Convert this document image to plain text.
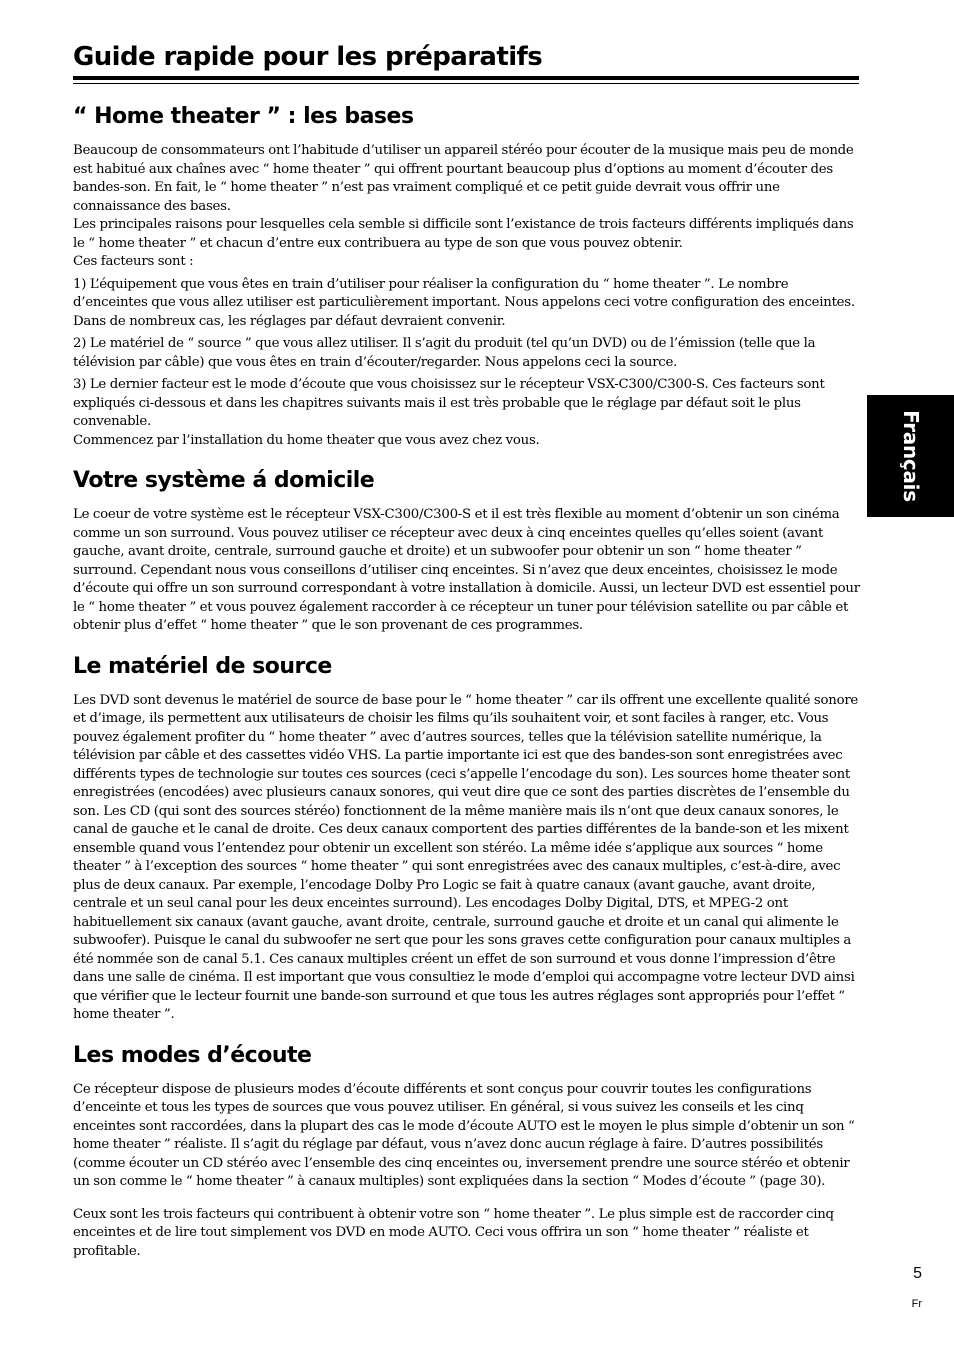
Guide rapide pour les préparatifs
“ Home theater ” : les bases

Beaucoup de consommateurs ont l’habitude d’utiliser un appareil stéréo pour écouter de la musique mais peu de monde est habitué aux chaînes avec “ home theater ” qui offrent pourtant beaucoup plus d’options au moment d’écouter des bandes-son. En fait, le “ home theater ” n’est pas vraiment compliqué et ce petit guide devrait vous offrir une connaissance des bases.

Les principales raisons pour lesquelles cela semble si difficile sont l’existance de trois facteurs différents impliqués dans le “ home theater ” et chacun d’entre eux contribuera au type de son que vous pouvez obtenir.

Ces facteurs sont :

1) L’équipement que vous êtes en train d’utiliser pour réaliser la configuration du “ home theater ”. Le nombre d’enceintes que vous allez utiliser est particulièrement important. Nous appelons ceci votre configuration des enceintes. Dans de nombreux cas, les réglages par défaut devraient convenir.

2) Le matériel de “ source ” que vous allez utiliser. Il s’agit du produit (tel qu’un DVD) ou de l’émission (telle que la télévision par câble) que vous êtes en train d’écouter/regarder. Nous appelons ceci la source.

3) Le dernier facteur est le mode d’écoute que vous choisissez sur le récepteur VSX-C300/C300-S. Ces facteurs sont expliqués ci-dessous et dans les chapitres suivants mais il est très probable que le réglage par défaut soit le plus convenable.

Commencez par l’installation du home theater que vous avez chez vous.

Votre système á domicile

Le coeur de votre système est le récepteur VSX-C300/C300-S et il est très flexible au moment d’obtenir un son cinéma comme un son surround. Vous pouvez utiliser ce récepteur avec deux à cinq enceintes quelles qu’elles soient (avant gauche, avant droite, centrale, surround gauche et droite) et un subwoofer pour obtenir un son “ home theater ” surround. Cependant nous vous conseillons d’utiliser cinq enceintes. Si n’avez que deux enceintes, choisissez le mode d’écoute qui offre un son surround correspondant à votre installation à domicile. Aussi, un lecteur DVD est essentiel pour le “ home theater ” et vous pouvez également raccorder à ce récepteur un tuner pour télévision satellite ou par câble et obtenir plus d’effet “ home theater ” que le son provenant de ces programmes.

Le matériel de source

Les DVD sont devenus le matériel de source de base pour le “ home theater ” car ils offrent une excellente qualité sonore et d’image, ils permettent aux utilisateurs de choisir les films qu’ils souhaitent voir, et sont faciles à ranger, etc. Vous pouvez également profiter du “ home theater ” avec d’autres sources, telles que la télévision satellite numérique, la télévision par câble et des cassettes vidéo VHS. La partie importante ici est que des bandes-son sont enregistrées avec différents types de technologie sur toutes ces sources (ceci s’appelle l’encodage du son). Les sources home theater sont enregistrées (encodées) avec plusieurs canaux sonores, qui veut dire que ce sont des parties discrètes de l’ensemble du son. Les CD (qui sont des sources stéréo) fonctionnent de la même manière mais ils n’ont que deux canaux sonores, le canal de gauche et le canal de droite. Ces deux canaux comportent des parties différentes de la bande-son et les mixent ensemble quand vous l’entendez pour obtenir un excellent son stéréo. La même idée s’applique aux sources “ home theater ” à l’exception des sources “ home theater ” qui sont enregistrées avec des canaux multiples, c’est-à-dire, avec plus de deux canaux. Par exemple, l’encodage Dolby Pro Logic se fait à quatre canaux (avant gauche, avant droite, centrale et un seul canal pour les deux enceintes surround). Les encodages Dolby Digital, DTS, et MPEG-2 ont habituellement six canaux (avant gauche, avant droite, centrale, surround gauche et droite et un canal qui alimente le subwoofer). Puisque le canal du subwoofer ne sert que pour les sons graves cette configuration pour canaux multiples a été nommée son de canal 5.1. Ces canaux multiples créent un effet de son surround et vous donne l’impression d’être dans une salle de cinéma. Il est important que vous consultiez le mode d’emploi qui accompagne votre lecteur DVD ainsi que vérifier que le lecteur fournit une bande-son surround et que tous les autres réglages sont appropriés pour l’effet “ home theater ”.

Les modes d’écoute

Ce récepteur dispose de plusieurs modes d’écoute différents et sont conçus pour couvrir toutes les configurations d’enceinte et tous les types de sources que vous pouvez utiliser. En général, si vous suivez les conseils et les cinq enceintes sont raccordées, dans la plupart des cas le mode d’écoute AUTO est le moyen le plus simple d’obtenir un son “ home theater ” réaliste. Il s’agit du réglage par défaut, vous n’avez donc aucun réglage à faire. D’autres possibilités (comme écouter un CD stéréo avec l’ensemble des cinq enceintes ou, inversement prendre une source stéréo et obtenir un son comme le “ home theater ” à canaux multiples) sont expliquées dans la section “ Modes d’écoute ” (page 30).

Ceux sont les trois facteurs qui contribuent à obtenir votre son “ home theater ”. Le plus simple est de raccorder cinq enceintes et de lire tout simplement vos DVD en mode AUTO. Ceci vous offrira un son “ home theater ” réaliste et profitable.

Français
5
Fr
